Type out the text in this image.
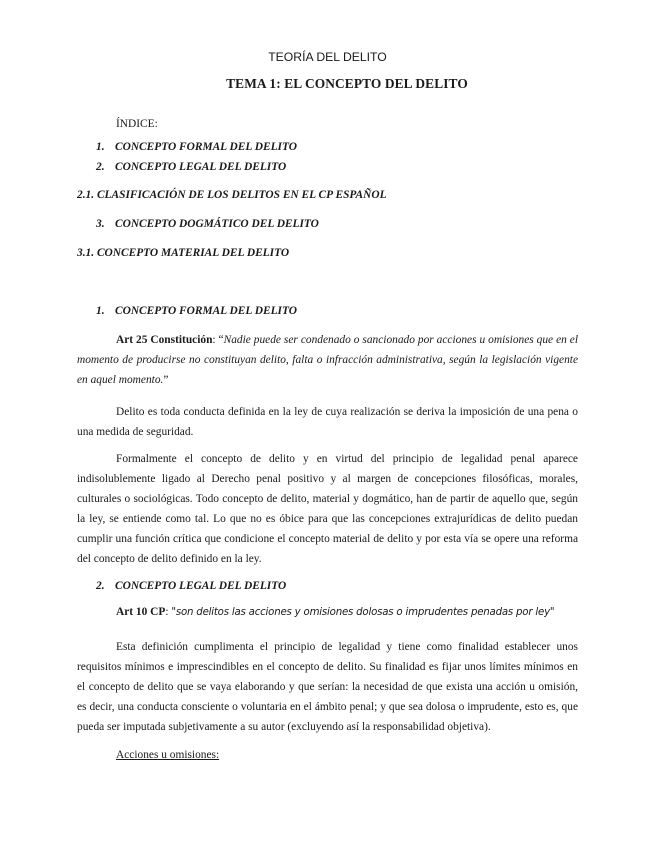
TEORÍA DEL DELITO
TEMA 1: EL CONCEPTO DEL DELITO
ÍNDICE:
1. CONCEPTO FORMAL DEL DELITO
2. CONCEPTO LEGAL DEL DELITO
2.1. CLASIFICACIÓN DE LOS DELITOS EN EL CP ESPAÑOL
3. CONCEPTO DOGMÁTICO DEL DELITO
3.1. CONCEPTO MATERIAL DEL DELITO
1. CONCEPTO FORMAL DEL DELITO
Art 25 Constitución: “Nadie puede ser condenado o sancionado por acciones u omisiones que en el momento de producirse no constituyan delito, falta o infracción administrativa, según la legislación vigente en aquel momento.”
Delito es toda conducta definida en la ley de cuya realización se deriva la imposición de una pena o una medida de seguridad.
Formalmente el concepto de delito y en virtud del principio de legalidad penal aparece indisolublemente ligado al Derecho penal positivo y al margen de concepciones filosóficas, morales, culturales o sociológicas. Todo concepto de delito, material y dogmático, han de partir de aquello que, según la ley, se entiende como tal. Lo que no es óbice para que las concepciones extrajurídicas de delito puedan cumplir una función crítica que condicione el concepto material de delito y por esta vía se opere una reforma del concepto de delito definido en la ley.
2. CONCEPTO LEGAL DEL DELITO
Art 10 CP: "son delitos las acciones y omisiones dolosas o imprudentes penadas por ley"
Esta definición cumplimenta el principio de legalidad y tiene como finalidad establecer unos requisitos mínimos e imprescindibles en el concepto de delito. Su finalidad es fijar unos límites mínimos en el concepto de delito que se vaya elaborando y que serían: la necesidad de que exista una acción u omisión, es decir, una conducta consciente o voluntaria en el ámbito penal; y que sea dolosa o imprudente, esto es, que pueda ser imputada subjetivamente a su autor (excluyendo así la responsabilidad objetiva).
Acciones u omisiones:
